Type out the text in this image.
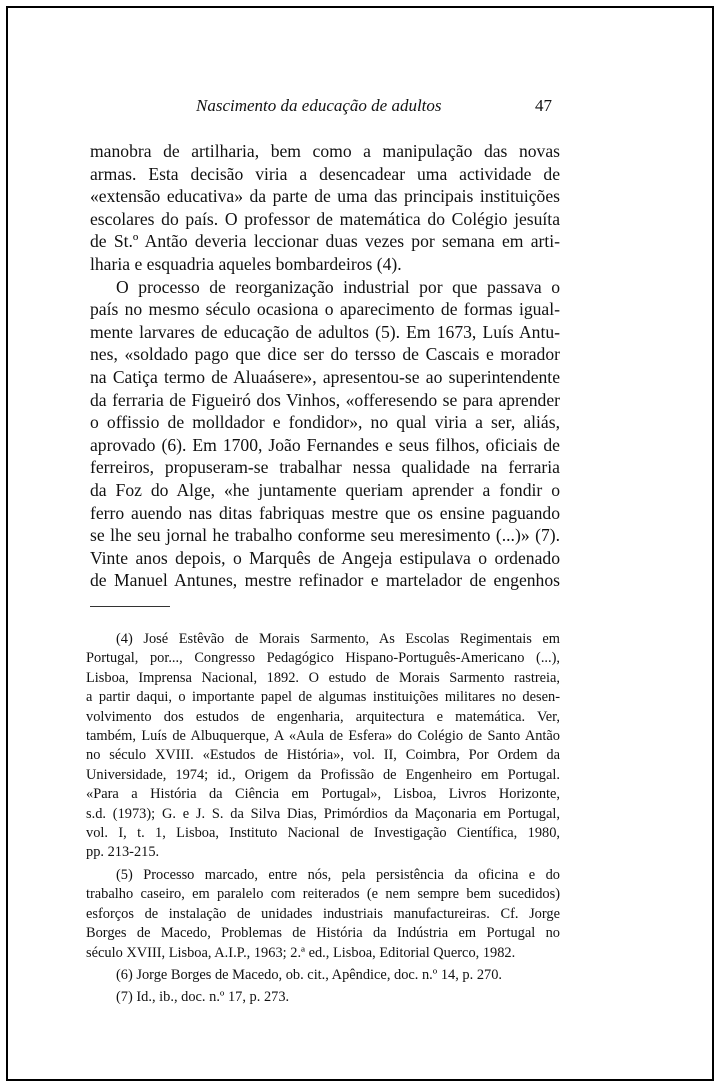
Nascimento da educação de adultos	47
manobra de artilharia, bem como a manipulação das novas
armas. Esta decisão viria a desencadear uma actividade de
«extensão educativa» da parte de uma das principais instituições
escolares do país. O professor de matemática do Colégio jesuíta
de St.º Antão deveria leccionar duas vezes por semana em arti-
lharia e esquadria aqueles bombardeiros (4).
O processo de reorganização industrial por que passava o
país no mesmo século ocasiona o aparecimento de formas igual-
mente larvares de educação de adultos (5). Em 1673, Luís Antu-
nes, «soldado pago que dice ser do tersso de Cascais e morador
na Catiça termo de Aluaásere», apresentou-se ao superintendente
da ferraria de Figueiró dos Vinhos, «offeresendo se para aprender
o offissio de molldador e fondidor», no qual viria a ser, aliás,
aprovado (6). Em 1700, João Fernandes e seus filhos, oficiais de
ferreiros, propuseram-se trabalhar nessa qualidade na ferraria
da Foz do Alge, «he juntamente queriam aprender a fondir o
ferro auendo nas ditas fabriquas mestre que os ensine paguando
se lhe seu jornal he trabalho conforme seu meresimento (...)» (7).
Vinte anos depois, o Marquês de Angeja estipulava o ordenado
de Manuel Antunes, mestre refinador e martelador de engenhos
(4) José Estêvão de Morais Sarmento, As Escolas Regimentais em
Portugal, por..., Congresso Pedagógico Hispano-Português-Americano (...),
Lisboa, Imprensa Nacional, 1892. O estudo de Morais Sarmento rastreia,
a partir daqui, o importante papel de algumas instituições militares no desen-
volvimento dos estudos de engenharia, arquitectura e matemática. Ver,
também, Luís de Albuquerque, A «Aula de Esfera» do Colégio de Santo Antão
no século XVIII. «Estudos de História», vol. II, Coimbra, Por Ordem da
Universidade, 1974; id., Origem da Profissão de Engenheiro em Portugal.
«Para a História da Ciência em Portugal», Lisboa, Livros Horizonte,
s.d. (1973); G. e J. S. da Silva Dias, Primórdios da Maçonaria em Portugal,
vol. I, t. 1, Lisboa, Instituto Nacional de Investigação Científica, 1980,
pp. 213-215.
(5) Processo marcado, entre nós, pela persistência da oficina e do
trabalho caseiro, em paralelo com reiterados (e nem sempre bem sucedidos)
esforços de instalação de unidades industriais manufactureiras. Cf. Jorge
Borges de Macedo, Problemas de História da Indústria em Portugal no
século XVIII, Lisboa, A.I.P., 1963; 2.ª ed., Lisboa, Editorial Querco, 1982.
(6) Jorge Borges de Macedo, ob. cit., Apêndice, doc. n.º 14, p. 270.
(7) Id., ib., doc. n.º 17, p. 273.
